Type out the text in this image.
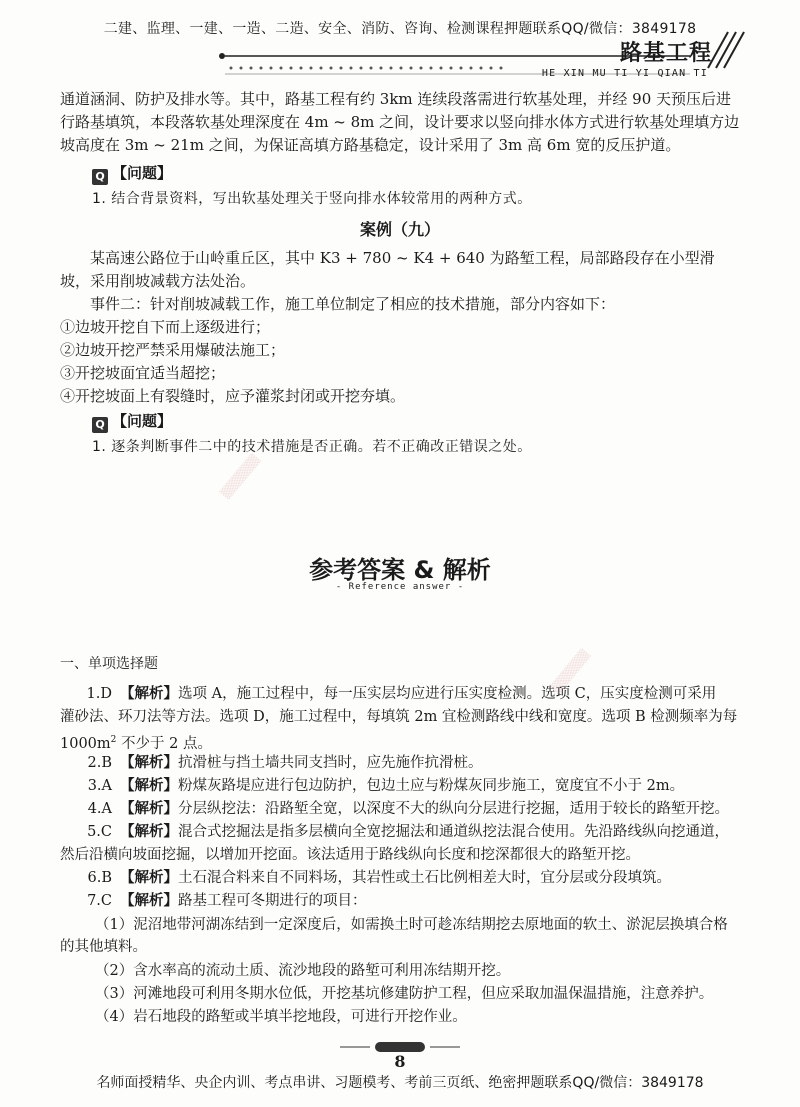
二建、监理、一建、一造、二造、安全、消防、咨询、检测课程押题联系QQ/微信：3849178
路基工程
HE XIN MU TI YI QIAN TI
通道涵洞、防护及排水等。其中，路基工程有约 3km 连续段落需进行软基处理，并经 90 天预压后进行路基填筑，本段落软基处理深度在 4m ~ 8m 之间，设计要求以竖向排水体方式进行软基处理填方边坡高度在 3m ~ 21m 之间，为保证高填方路基稳定，设计采用了 3m 高 6m 宽的反压护道。
Q 【问题】
1. 结合背景资料，写出软基处理关于竖向排水体较常用的两种方式。
案例（九）
某高速公路位于山岭重丘区，其中 K3 + 780 ~ K4 + 640 为路堑工程，局部路段存在小型滑坡，采用削坡减载方法处治。
事件二：针对削坡减载工作，施工单位制定了相应的技术措施，部分内容如下：
①边坡开挖自下而上逐级进行；
②边坡开挖严禁采用爆破法施工；
③开挖坡面宜适当超挖；
④开挖坡面上有裂缝时，应予灌浆封闭或开挖夯填。
Q 【问题】
1. 逐条判断事件二中的技术措施是否正确。若不正确改正错误之处。
▒▒▒▒▒▒
▒▒▒▒▒▒
参考答案 & 解析
- Reference answer -
一、单项选择题
1.D 【解析】选项 A，施工过程中，每一压实层均应进行压实度检测。选项 C，压实度检测可采用
灌砂法、环刀法等方法。选项 D，施工过程中，每填筑 2m 宜检测路线中线和宽度。选项 B 检测频率为每
$1000m^2$ 不少于 2 点。
2.B 【解析】抗滑桩与挡土墙共同支挡时，应先施作抗滑桩。
3.A 【解析】粉煤灰路堤应进行包边防护，包边土应与粉煤灰同步施工，宽度宜不小于 2m。
4.A 【解析】分层纵挖法：沿路堑全宽，以深度不大的纵向分层进行挖掘，适用于较长的路堑开挖。
5.C 【解析】混合式挖掘法是指多层横向全宽挖掘法和通道纵挖法混合使用。先沿路线纵向挖通道，
然后沿横向坡面挖掘，以增加开挖面。该法适用于路线纵向长度和挖深都很大的路堑开挖。
6.B 【解析】土石混合料来自不同料场，其岩性或土石比例相差大时，宜分层或分段填筑。
7.C 【解析】路基工程可冬期进行的项目：
（1）泥沼地带河湖冻结到一定深度后，如需换土时可趁冻结期挖去原地面的软土、淤泥层换填合格
的其他填料。
（2）含水率高的流动土质、流沙地段的路堑可利用冻结期开挖。
（3）河滩地段可利用冬期水位低，开挖基坑修建防护工程，但应采取加温保温措施，注意养护。
（4）岩石地段的路堑或半填半挖地段，可进行开挖作业。
8
名师面授精华、央企内训、考点串讲、习题模考、考前三页纸、绝密押题联系QQ/微信：3849178
